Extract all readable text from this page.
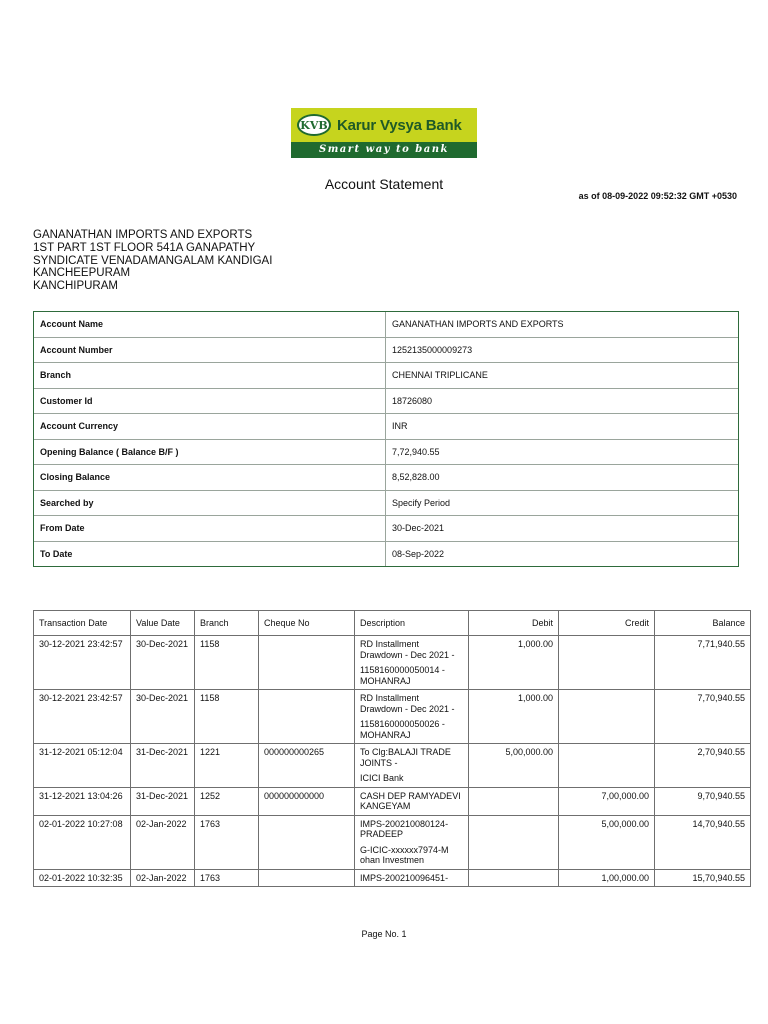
KVB Karur Vysya Bank
Smart way to bank
Account Statement
as of 08-09-2022 09:52:32 GMT +0530
GANANATHAN IMPORTS AND EXPORTS
1ST PART 1ST FLOOR 541A GANAPATHY
SYNDICATE VENADAMANGALAM KANDIGAI
KANCHEEPURAM
KANCHIPURAM
Account Name	GANANATHAN IMPORTS AND EXPORTS
Account Number	1252135000009273
Branch	CHENNAI TRIPLICANE
Customer Id	18726080
Account Currency	INR
Opening Balance ( Balance B/F )	7,72,940.55
Closing Balance	8,52,828.00
Searched by	Specify Period
From Date	30-Dec-2021
To Date	08-Sep-2022
Transaction Date	Value Date	Branch	Cheque No	Description	Debit	Credit	Balance
30-12-2021 23:42:57	30-Dec-2021	1158		RD Installment Drawdown - Dec 2021 -
1158160000050014 - MOHANRAJ	1,000.00		7,71,940.55
30-12-2021 23:42:57	30-Dec-2021	1158		RD Installment Drawdown - Dec 2021 -
1158160000050026 - MOHANRAJ	1,000.00		7,70,940.55
31-12-2021 05:12:04	31-Dec-2021	1221	000000000265	To Clg:BALAJI TRADE JOINTS -
ICICI Bank	5,00,000.00		2,70,940.55
31-12-2021 13:04:26	31-Dec-2021	1252	000000000000	CASH DEP RAMYADEVI KANGEYAM		7,00,000.00	9,70,940.55
02-01-2022 10:27:08	02-Jan-2022	1763		IMPS-200210080124-PRADEEP
G-ICIC-xxxxxx7974-M ohan Investmen		5,00,000.00	14,70,940.55
02-01-2022 10:32:35	02-Jan-2022	1763		IMPS-200210096451-		1,00,000.00	15,70,940.55
Page No. 1
